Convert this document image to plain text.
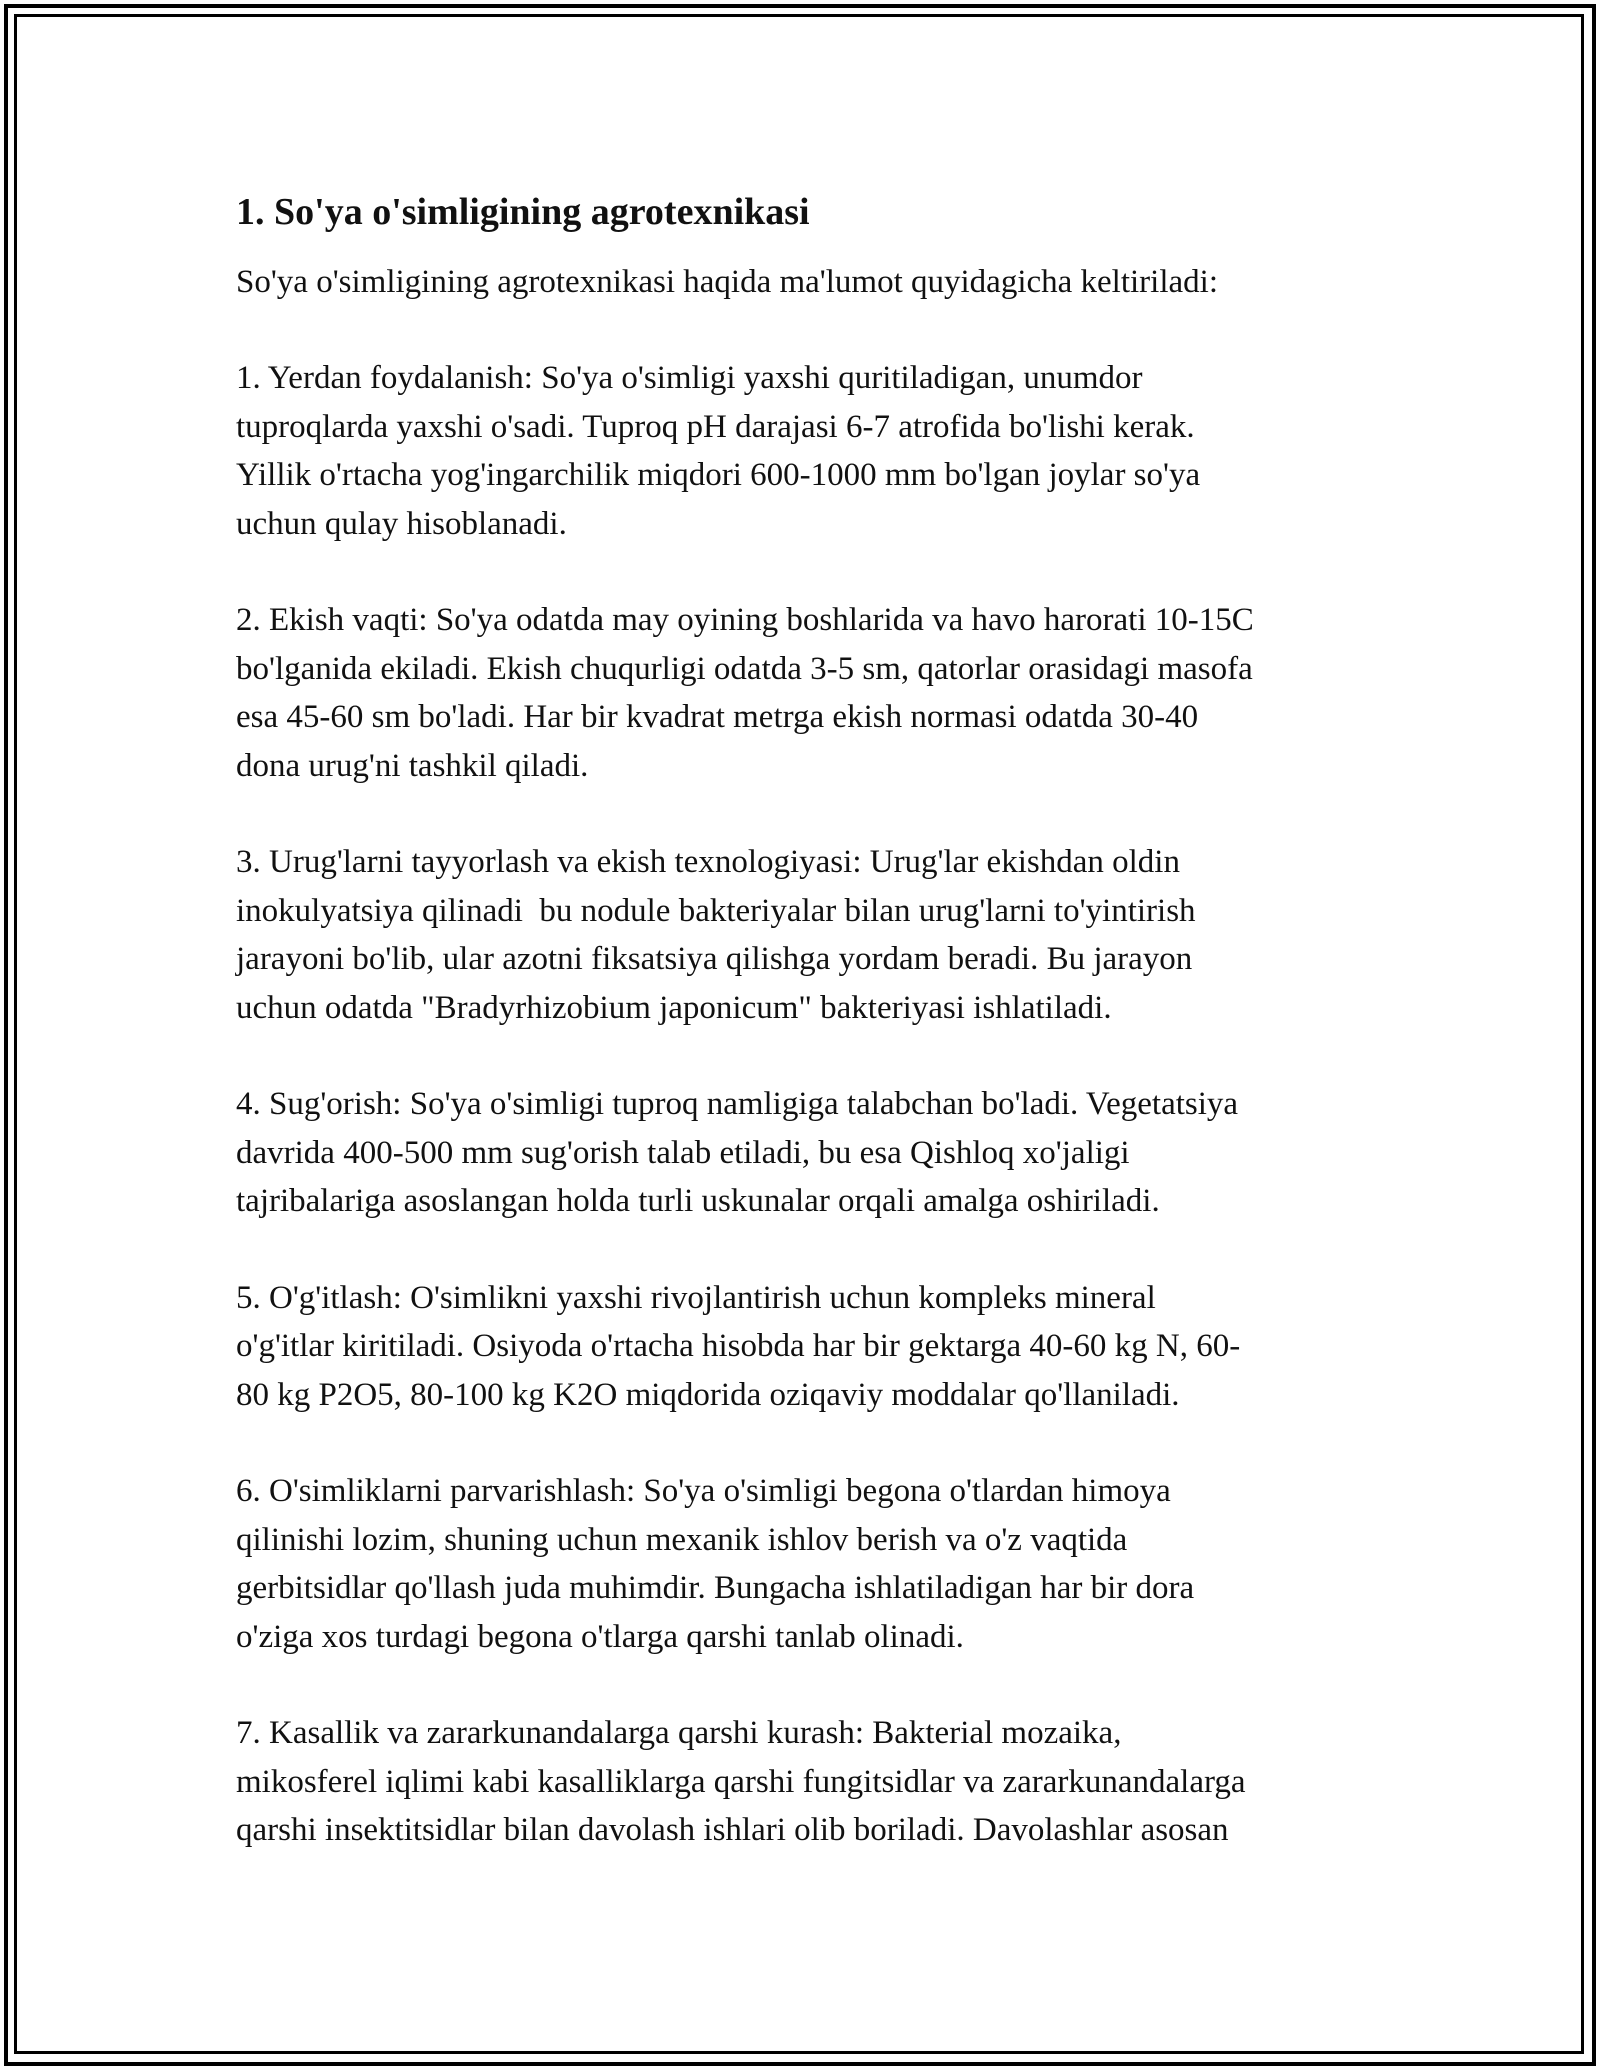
1. So'ya o'simligining agrotexnikasi

So'ya o'simligining agrotexnikasi haqida ma'lumot quyidagicha keltiriladi:

1. Yerdan foydalanish: So'ya o'simligi yaxshi quritiladigan, unumdor
tuproqlarda yaxshi o'sadi. Tuproq pH darajasi 6-7 atrofida bo'lishi kerak.
Yillik o'rtacha yog'ingarchilik miqdori 600-1000 mm bo'lgan joylar so'ya
uchun qulay hisoblanadi.

2. Ekish vaqti: So'ya odatda may oyining boshlarida va havo harorati 10-15C
bo'lganida ekiladi. Ekish chuqurligi odatda 3-5 sm, qatorlar orasidagi masofa
esa 45-60 sm bo'ladi. Har bir kvadrat metrga ekish normasi odatda 30-40
dona urug'ni tashkil qiladi.

3. Urug'larni tayyorlash va ekish texnologiyasi: Urug'lar ekishdan oldin
inokulyatsiya qilinadi  bu nodule bakteriyalar bilan urug'larni to'yintirish
jarayoni bo'lib, ular azotni fiksatsiya qilishga yordam beradi. Bu jarayon
uchun odatda "Bradyrhizobium japonicum" bakteriyasi ishlatiladi.

4. Sug'orish: So'ya o'simligi tuproq namligiga talabchan bo'ladi. Vegetatsiya
davrida 400-500 mm sug'orish talab etiladi, bu esa Qishloq xo'jaligi
tajribalariga asoslangan holda turli uskunalar orqali amalga oshiriladi.

5. O'g'itlash: O'simlikni yaxshi rivojlantirish uchun kompleks mineral
o'g'itlar kiritiladi. Osiyoda o'rtacha hisobda har bir gektarga 40-60 kg N, 60-
80 kg P2O5, 80-100 kg K2O miqdorida oziqaviy moddalar qo'llaniladi.

6. O'simliklarni parvarishlash: So'ya o'simligi begona o'tlardan himoya
qilinishi lozim, shuning uchun mexanik ishlov berish va o'z vaqtida
gerbitsidlar qo'llash juda muhimdir. Bungacha ishlatiladigan har bir dora
o'ziga xos turdagi begona o'tlarga qarshi tanlab olinadi.

7. Kasallik va zararkunandalarga qarshi kurash: Bakterial mozaika,
mikosferel iqlimi kabi kasalliklarga qarshi fungitsidlar va zararkunandalarga
qarshi insektitsidlar bilan davolash ishlari olib boriladi. Davolashlar asosan
